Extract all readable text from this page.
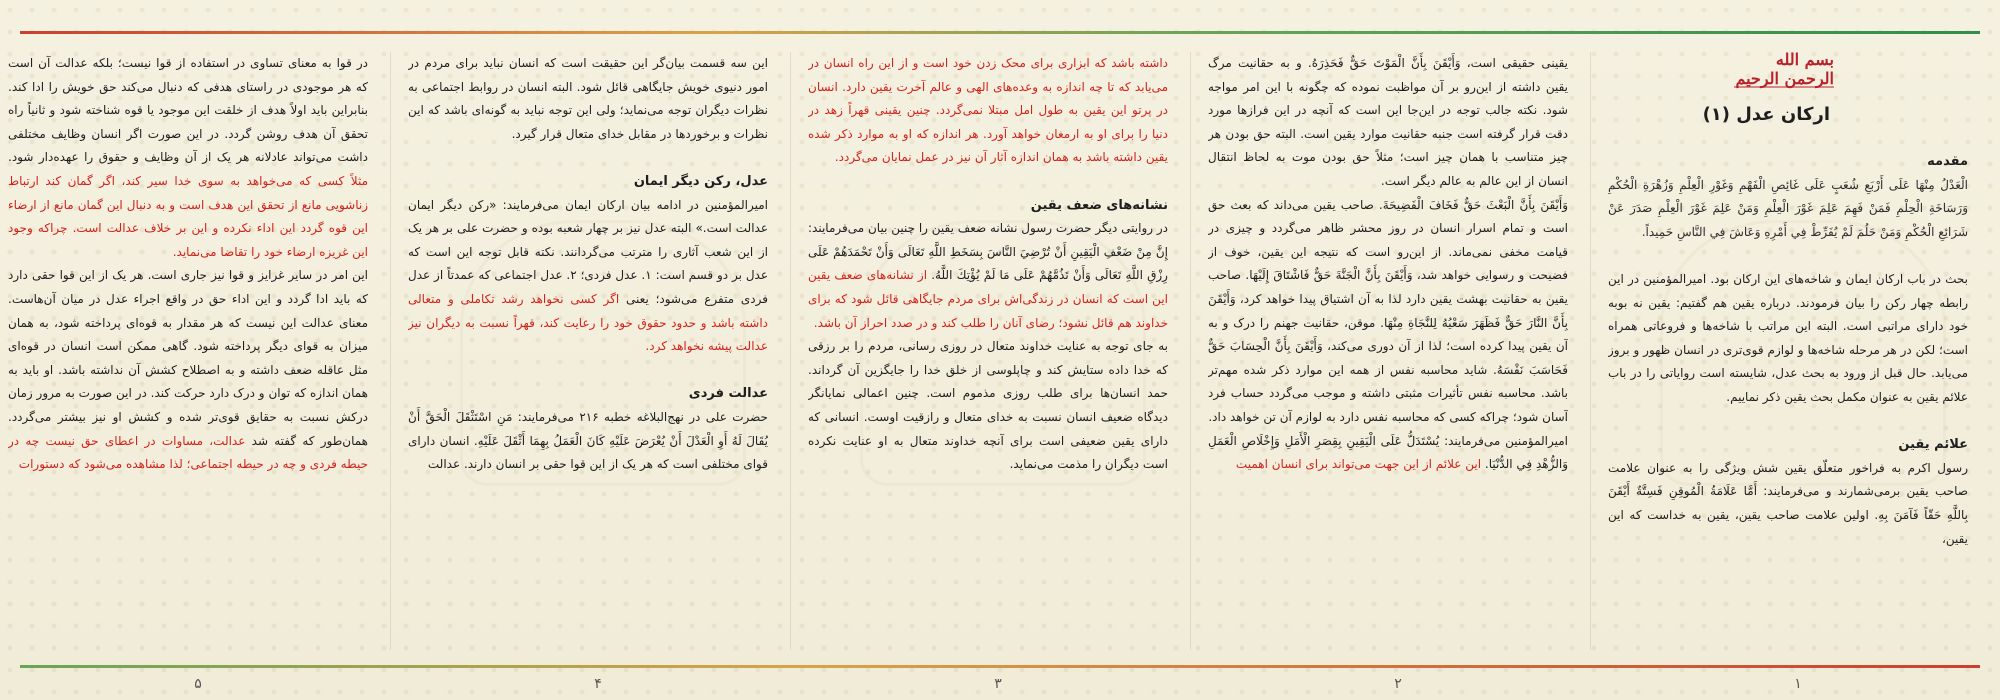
بسم الله الرحمن الرحیم
ارکان عدل (۱)
مقدمه

الْعَدْلُ مِنْهَا عَلَى أَرْبَعِ شُعَبٍ عَلَى غَائِصِ الْفَهْمِ وَغَوْرِ الْعِلْمِ وَزُهْرَةِ الْحُكْمِ وَرَسَاخَةِ الْحِلْمِ فَمَنْ فَهِمَ عَلِمَ غَوْرَ الْعِلْمِ وَمَنْ عَلِمَ غَوْرَ الْعِلْمِ صَدَرَ عَنْ شَرَائِعِ الْحُكْمِ وَمَنْ حَلُمَ لَمْ يُفَرِّطْ فِي أَمْرِهِ وَعَاشَ فِي النَّاسِ حَمِيداً.

بحث در باب ارکان ایمان و شاخه‌های این ارکان بود. امیرالمؤمنین در این رابطه چهار رکن را بیان فرمودند. درباره یقین هم گفتیم: یقین نه بوبه خود دارای مراتبی است. البته این مراتب با شاخه‌ها و فروعاتی همراه است؛ لکن در هر مرحله شاخه‌ها و لوازم قوی‌تری در انسان ظهور و بروز می‌یابد. حال قبل از ورود به بحث عدل، شایسته است روایاتی را در باب علائم یقین به عنوان مکمل بحث یقین ذکر نماییم.

علائم یقین

رسول اکرم به فراخور متعلّق یقین شش ویژگی را به عنوان علامت صاحب یقین برمی‌شمارند و می‌فرمایند: أَمَّا عَلَامَةُ الْمُوقِنِ فَسِتَّةٌ أَيْقَنَ بِاللَّهِ حَقّاً فَآمَنَ بِهِ. اولین علامت صاحب یقین، یقین به خداست که این یقین،

یقینی حقیقی است، وَأَيْقَنَ بِأَنَّ الْمَوْتَ حَقٌّ فَحَذِرَهُ. و به حقانیت مرگ یقین داشته از این‌رو بر آن مواظبت نموده که چگونه با این امر مواجه شود. نکته جالب توجه در این‌جا این است که آنچه در این فرازها مورد دقت قرار گرفته است جنبه حقانیت موارد یقین است. البته حق بودن هر چیز متناسب با همان چیز است؛ مثلاً حق بودن موت به لحاظ انتقال انسان از این عالم به عالم دیگر است.

وَأَيْقَنَ بِأَنَّ الْبَعْثَ حَقٌّ فَخَافَ الْفَضِيحَةَ. صاحب یقین می‌داند که بعث حق است و تمام اسرار انسان در روز محشر ظاهر می‌گردد و چیزی در قیامت مخفی نمی‌ماند. از این‌رو است که نتیجه این یقین، خوف از فضیحت و رسوایی خواهد شد، وَأَيْقَنَ بِأَنَّ الْجَنَّةَ حَقٌّ فَاشْتَاقَ إِلَيْهَا. صاحب یقین به حقانیت بهشت یقین دارد لذا به آن اشتیاق پیدا خواهد کرد، وَأَيْقَنَ بِأَنَّ النَّارَ حَقٌّ فَظَهَرَ سَعْيُهُ لِلنَّجَاةِ مِنْهَا. موقن، حقانیت جهنم را درک و به آن یقین پیدا کرده است؛ لذا از آن دوری می‌کند، وَأَيْقَنَ بِأَنَّ الْحِسَابَ حَقٌّ فَحَاسَبَ نَفْسَهُ. شاید محاسبه نفس از همه این موارد ذکر شده مهم‌تر باشد. محاسبه نفس تأثیرات مثبتی داشته و موجب می‌گردد حساب فرد آسان شود؛ چراکه کسی که محاسبه نفس دارد به لوازم آن تن خواهد داد.

امیرالمؤمنین می‌فرمایند: يُسْتَدَلُّ عَلَى الْيَقِينِ بِقِصَرِ الْأَمَلِ وَإِخْلَاصِ الْعَمَلِ وَالزُّهْدِ فِي الدُّنْيَا. این علائم از این جهت می‌تواند برای انسان اهمیت

داشته باشد که ابزاری برای محک زدن خود است و از این راه انسان در می‌یابد که تا چه اندازه به وعده‌های الهی و عالم آخرت یقین دارد. انسان در پرتو این یقین به طول امل مبتلا نمی‌گردد. چنین یقینی قهراً زهد در دنیا را برای او به ارمغان خواهد آورد. هر اندازه که او به موارد ذکر شده یقین داشته باشد به همان اندازه آثار آن نیز در عمل نمایان می‌گردد.

نشانه‌های ضعف یقین

در روایتی دیگر حضرت رسول نشانه ضعف یقین را چنین بیان می‌فرمایند: إِنَّ مِنْ ضَعْفِ الْيَقِينِ أَنْ تُرْضِيَ النَّاسَ بِسَخَطِ اللَّهِ تَعَالَى وَأَنْ تَحْمَدَهُمْ عَلَى رِزْقِ اللَّهِ تَعَالَى وَأَنْ تَذُمَّهُمْ عَلَى مَا لَمْ يُؤْتِكَ اللَّهُ. از نشانه‌های ضعف یقین این است که انسان در زندگی‌اش برای مردم جایگاهی قائل شود که برای خداوند هم قائل نشود؛ رضای آنان را طلب کند و در صدد احراز آن باشد.

به جای توجه به عنایت خداوند متعال در روزی رسانی، مردم را بر رزقی که خدا داده ستایش کند و چاپلوسی از خلق خدا را جایگزین آن گرداند. حمد انسان‌ها برای طلب روزی مذموم است. چنین اعمالی نمایانگر دیدگاه ضعیف انسان نسبت به خدای متعال و رازقیت اوست. انسانی که دارای یقین ضعیفی است برای آنچه خداوند متعال به او عنایت نکرده است دیگران را مذمت می‌نماید.

این سه قسمت بیان‌گر این حقیقت است که انسان نباید برای مردم در امور دنیوی خویش جایگاهی قائل شود. البته انسان در روابط اجتماعی به نظرات دیگران توجه می‌نماید؛ ولی این توجه نباید به گونه‌ای باشد که این نظرات و برخوردها در مقابل خدای متعال قرار گیرد.

عدل، رکن دیگر ایمان

امیرالمؤمنین در ادامه بیان ارکان ایمان می‌فرمایند: «رکن دیگر ایمان عدالت است.» البته عدل نیز بر چهار شعبه بوده و حضرت علی بر هر یک از این شعب آثاری را مترتب می‌گردانند. نکته قابل توجه این است که عدل بر دو قسم است: ۱. عدل فردی؛ ۲. عدل اجتماعی که عمدتاً از عدل فردی متفرع می‌شود؛ یعنی اگر کسی نخواهد رشد تکاملی و متعالی داشته باشد و حدود حقوق خود را رعایت کند، قهراً نسبت به دیگران نیز عدالت پیشه نخواهد کرد.

عدالت فردی

حضرت علی در نهج‌البلاغه خطبه ۲۱۶ می‌فرمایند: مَنِ اسْتَثْقَلَ الْحَقَّ أَنْ يُقَالَ لَهُ أَوِ الْعَدْلَ أَنْ يُعْرَضَ عَلَيْهِ كَانَ الْعَمَلُ بِهِمَا أَثْقَلَ عَلَيْهِ. انسان دارای قوای مختلفی است که هر یک از این قوا حقی بر انسان دارند. عدالت

در قوا به معنای تساوی در استفاده از قوا نیست؛ بلکه عدالت آن است که هر موجودی در راستای هدفی که دنبال می‌کند حق خویش را ادا کند. بنابراین باید اولاً هدف از خلقت این موجود یا قوه شناخته شود و ثانیاً راه تحقق آن هدف روشن گردد. در این صورت اگر انسان وظایف مختلفی داشت می‌تواند عادلانه هر یک از آن وظایف و حقوق را عهده‌دار شود. مثلاً کسی که می‌خواهد به سوی خدا سیر کند، اگر گمان کند ارتباط زناشویی مانع از تحقق این هدف است و به دنبال این گمان مانع از ارضاء این قوه گردد این اداء نکرده و این بر خلاف عدالت است. چراکه وجود این غریزه ارضاء خود را تقاضا می‌نماید.

این امر در سایر غرایز و قوا نیز جاری است. هر یک از این قوا حقی دارد که باید ادا گردد و این اداء حق در واقع اجراء عدل در میان آن‌هاست. معنای عدالت این نیست که هر مقدار به قوه‌ای پرداخته شود، به همان میزان به قوای دیگر پرداخته شود. گاهی ممکن است انسان در قوه‌ای مثل عاقله ضعف داشته و به اصطلاح کشش آن نداشته باشد. او باید به همان اندازه که توان و درک دارد حرکت کند. در این صورت به مرور زمان درکش نسبت به حقایق قوی‌تر شده و کشش او نیز بیشتر می‌گردد. همان‌طور که گفته شد عدالت، مساوات در اعطای حق نیست چه در حیطه فردی و چه در حیطه اجتماعی؛ لذا مشاهده می‌شود که دستورات

۱
۲
۳
۴
۵
